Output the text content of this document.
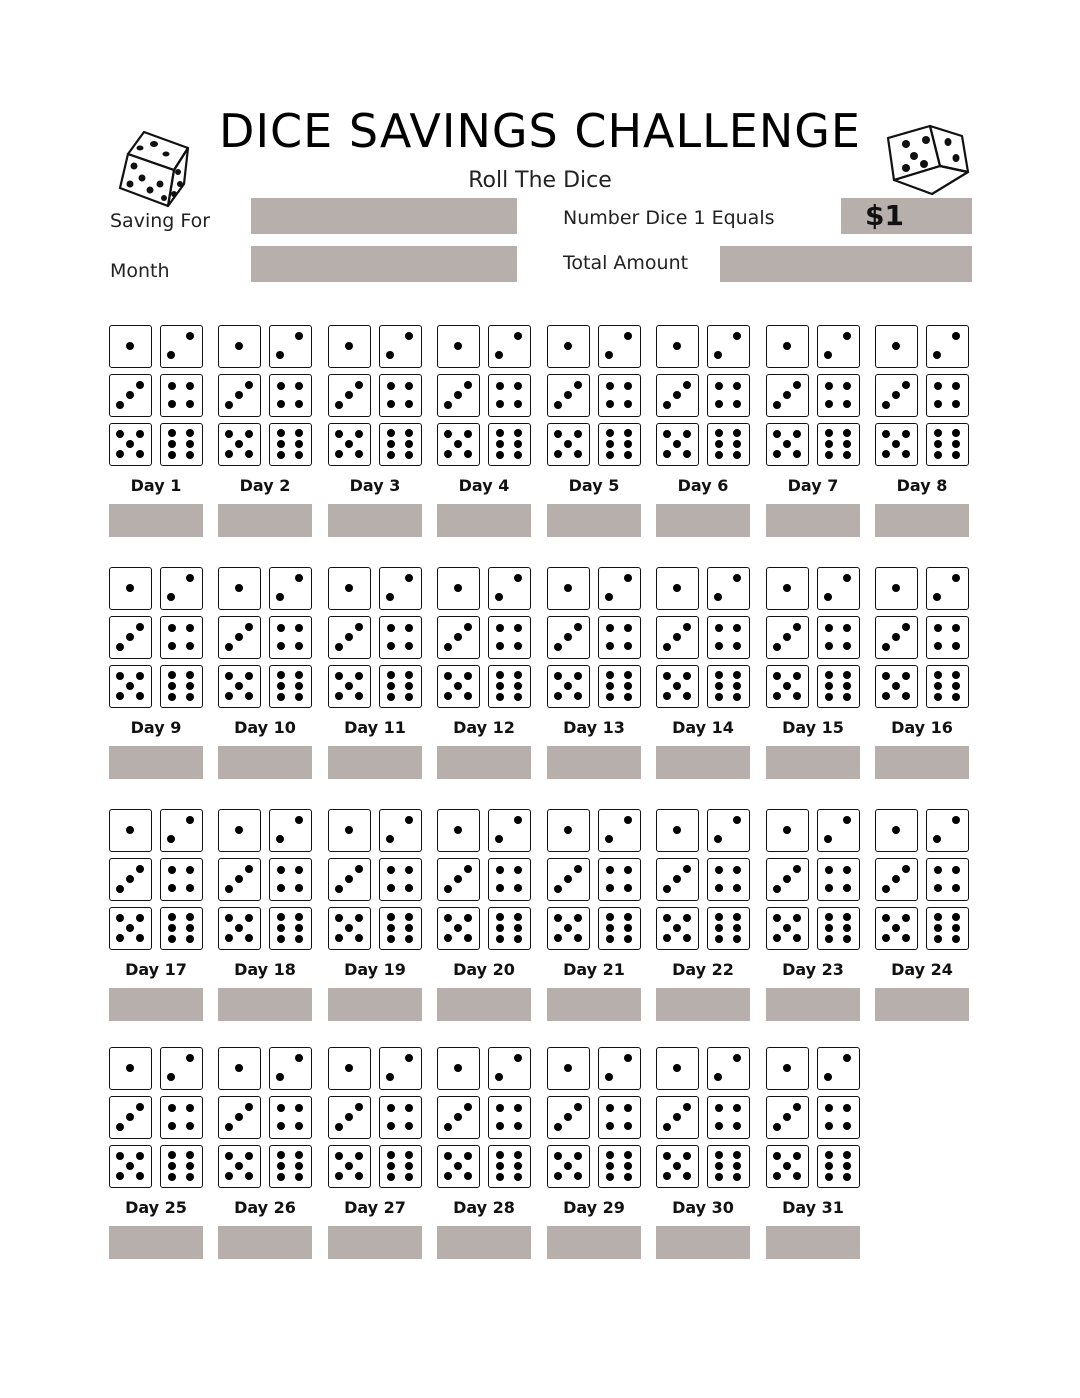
DICE SAVINGS CHALLENGE
Roll The Dice
Saving For
Month
Number Dice 1 Equals	$1
Total Amount
Day 1	Day 2	Day 3	Day 4	Day 5	Day 6	Day 7	Day 8
Day 9	Day 10	Day 11	Day 12	Day 13	Day 14	Day 15	Day 16
Day 17	Day 18	Day 19	Day 20	Day 21	Day 22	Day 23	Day 24
Day 25	Day 26	Day 27	Day 28	Day 29	Day 30	Day 31
